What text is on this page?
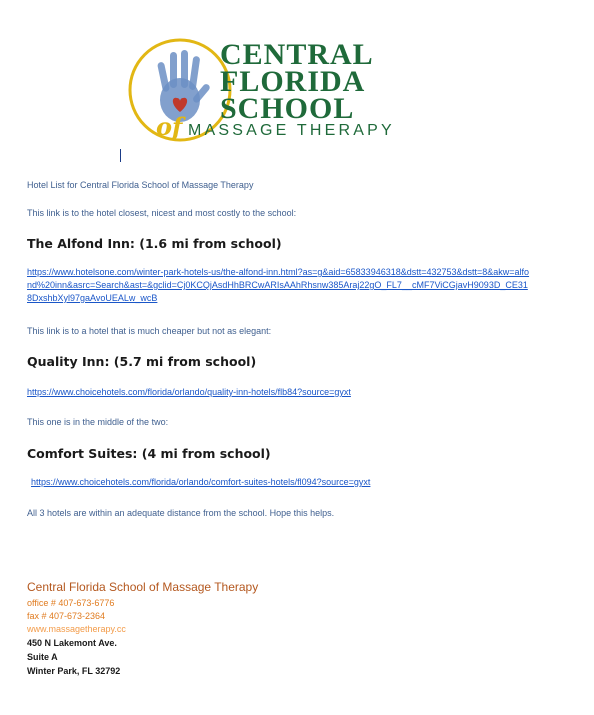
CENTRAL
FLORIDA
SCHOOL
of MASSAGE THERAPY
Hotel List for Central Florida School of Massage Therapy
This link is to the hotel closest, nicest and most costly to the school:
The Alfond Inn: (1.6 mi from school)
https://www.hotelsone.com/winter-park-hotels-us/the-alfond-inn.html?as=g&aid=65833946318&dstt=432753&dstt=8&akw=alfond%20inn&asrc=Search&ast=&gclid=Cj0KCQjAsdHhBRCwARIsAAhRhsnw385Araj22gO_FL7__cMF7ViCGjavH9093D_CE318DxshbXyl97gaAvoUEALw_wcB
This link is to a hotel that is much cheaper but not as elegant:
Quality Inn: (5.7 mi from school)
https://www.choicehotels.com/florida/orlando/quality-inn-hotels/flb84?source=gyxt
This one is in the middle of the two:
Comfort Suites: (4 mi from school)
https://www.choicehotels.com/florida/orlando/comfort-suites-hotels/fl094?source=gyxt
All 3 hotels are within an adequate distance from the school. Hope this helps.
Central Florida School of Massage Therapy
office # 407-673-6776
fax # 407-673-2364
www.massagetherapy.cc
450 N Lakemont Ave.
Suite A
Winter Park, FL 32792
